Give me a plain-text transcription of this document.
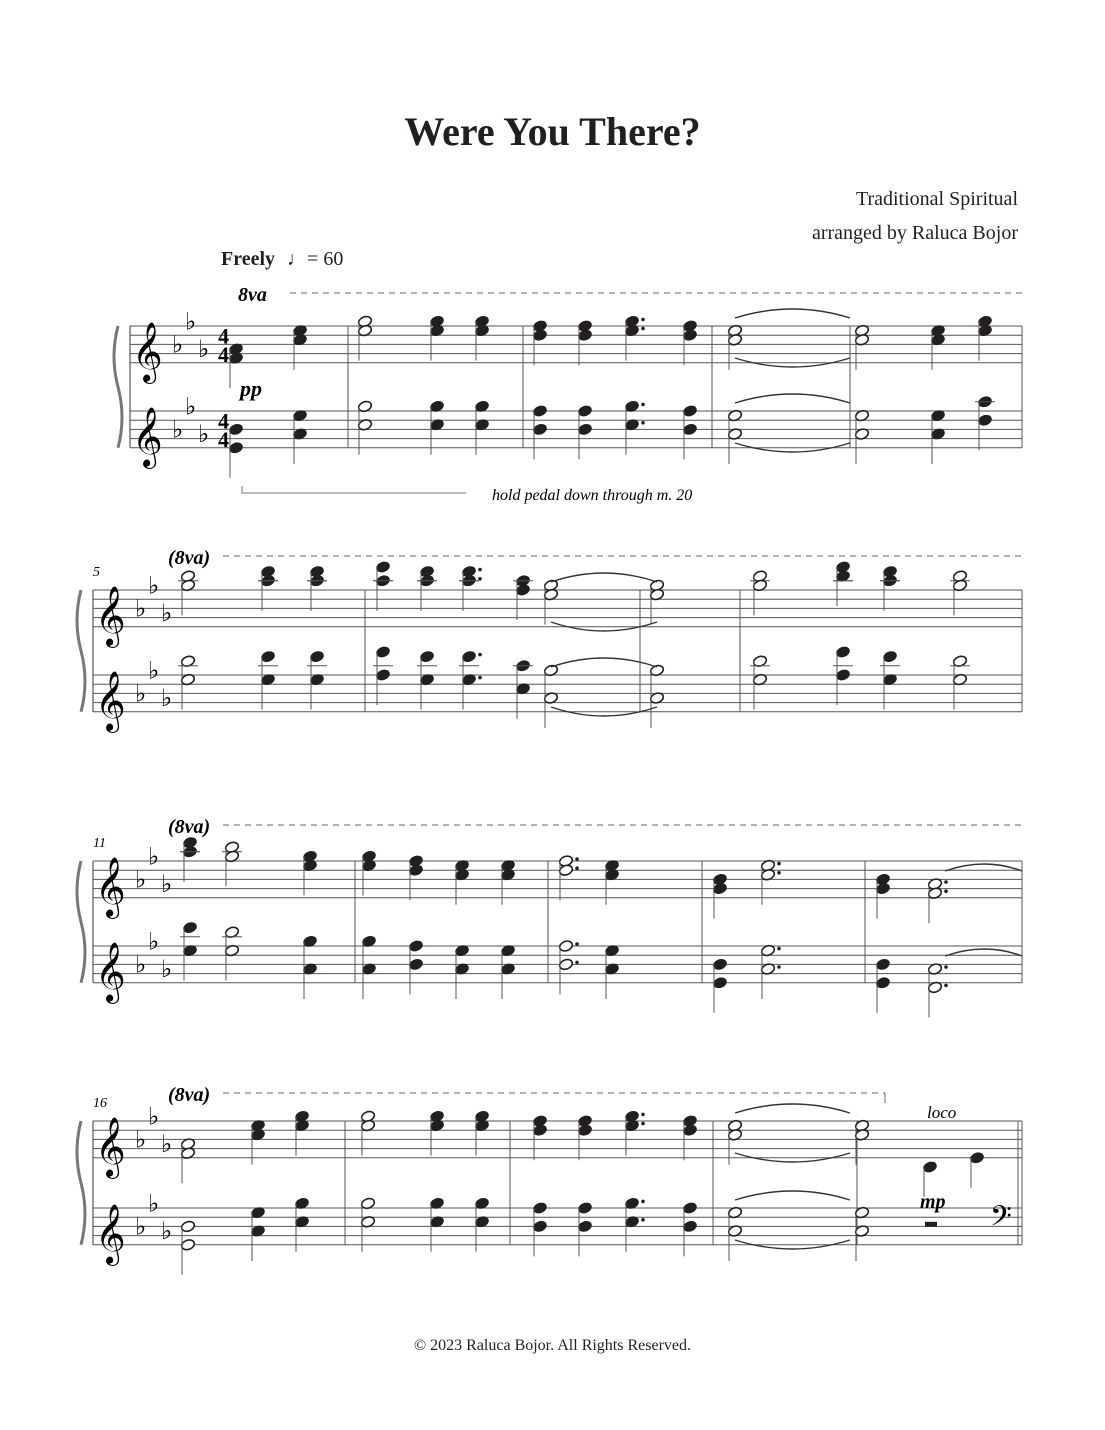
Were You There?
Traditional Spiritual
arranged by Raluca Bojor
Freely ♩= 60
𝄞 ♭
♭
♭ 4
4
𝄞 ♭
♭
♭ 4
4
8va
𝄞 ♭
♭
♭
𝄞 ♭
♭
♭
(8va)
5
𝄞 ♭
♭
♭
𝄞 ♭
♭
♭
(8va)
11
𝄞 ♭
♭
♭
𝄞 ♭
♭
♭	𝄢
(8va)
16
pp
mp
loco
hold pedal down through m. 20
© 2023 Raluca Bojor. All Rights Reserved.
